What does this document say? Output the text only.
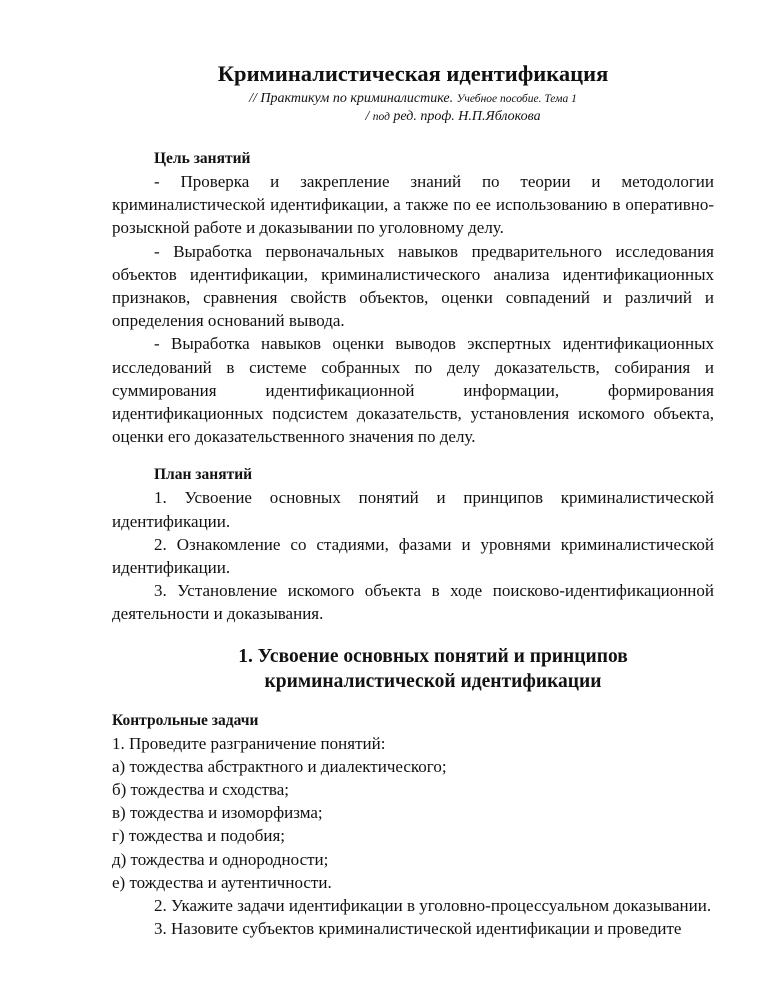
Криминалистическая идентификация
// Практикум по криминалистике. Учебное пособие. Тема 1
/ под ред. проф. Н.П.Яблокова
Цель занятий

- Проверка и закрепление знаний по теории и методологии криминалистической идентификации, а также по ее использованию в оперативно-розыскной работе и доказывании по уголовному делу.

- Выработка первоначальных навыков предварительного исследования объектов идентификации, криминалистического анализа идентификационных признаков, сравнения свойств объектов, оценки совпадений и различий и определения оснований вывода.

- Выработка навыков оценки выводов экспертных идентификационных исследований в системе собранных по делу доказательств, собирания и суммирования идентификационной информации, формирования идентификационных подсистем доказательств, установления искомого объекта, оценки его доказательственного значения по делу.

План занятий

1. Усвоение основных понятий и принципов криминалистической идентификации.

2. Ознакомление со стадиями, фазами и уровнями криминалистической идентификации.

3. Установление искомого объекта в ходе поисково-идентификационной деятельности и доказывания.

1. Усвоение основных понятий и принципов
криминалистической идентификации
Контрольные задачи

1. Проведите разграничение понятий:

а) тождества абстрактного и диалектического;

б) тождества и сходства;

в) тождества и изоморфизма;

г) тождества и подобия;

д) тождества и однородности;

е) тождества и аутентичности.

2. Укажите задачи идентификации в уголовно-процессуальном доказывании.

3. Назовите субъектов криминалистической идентификации и проведите
